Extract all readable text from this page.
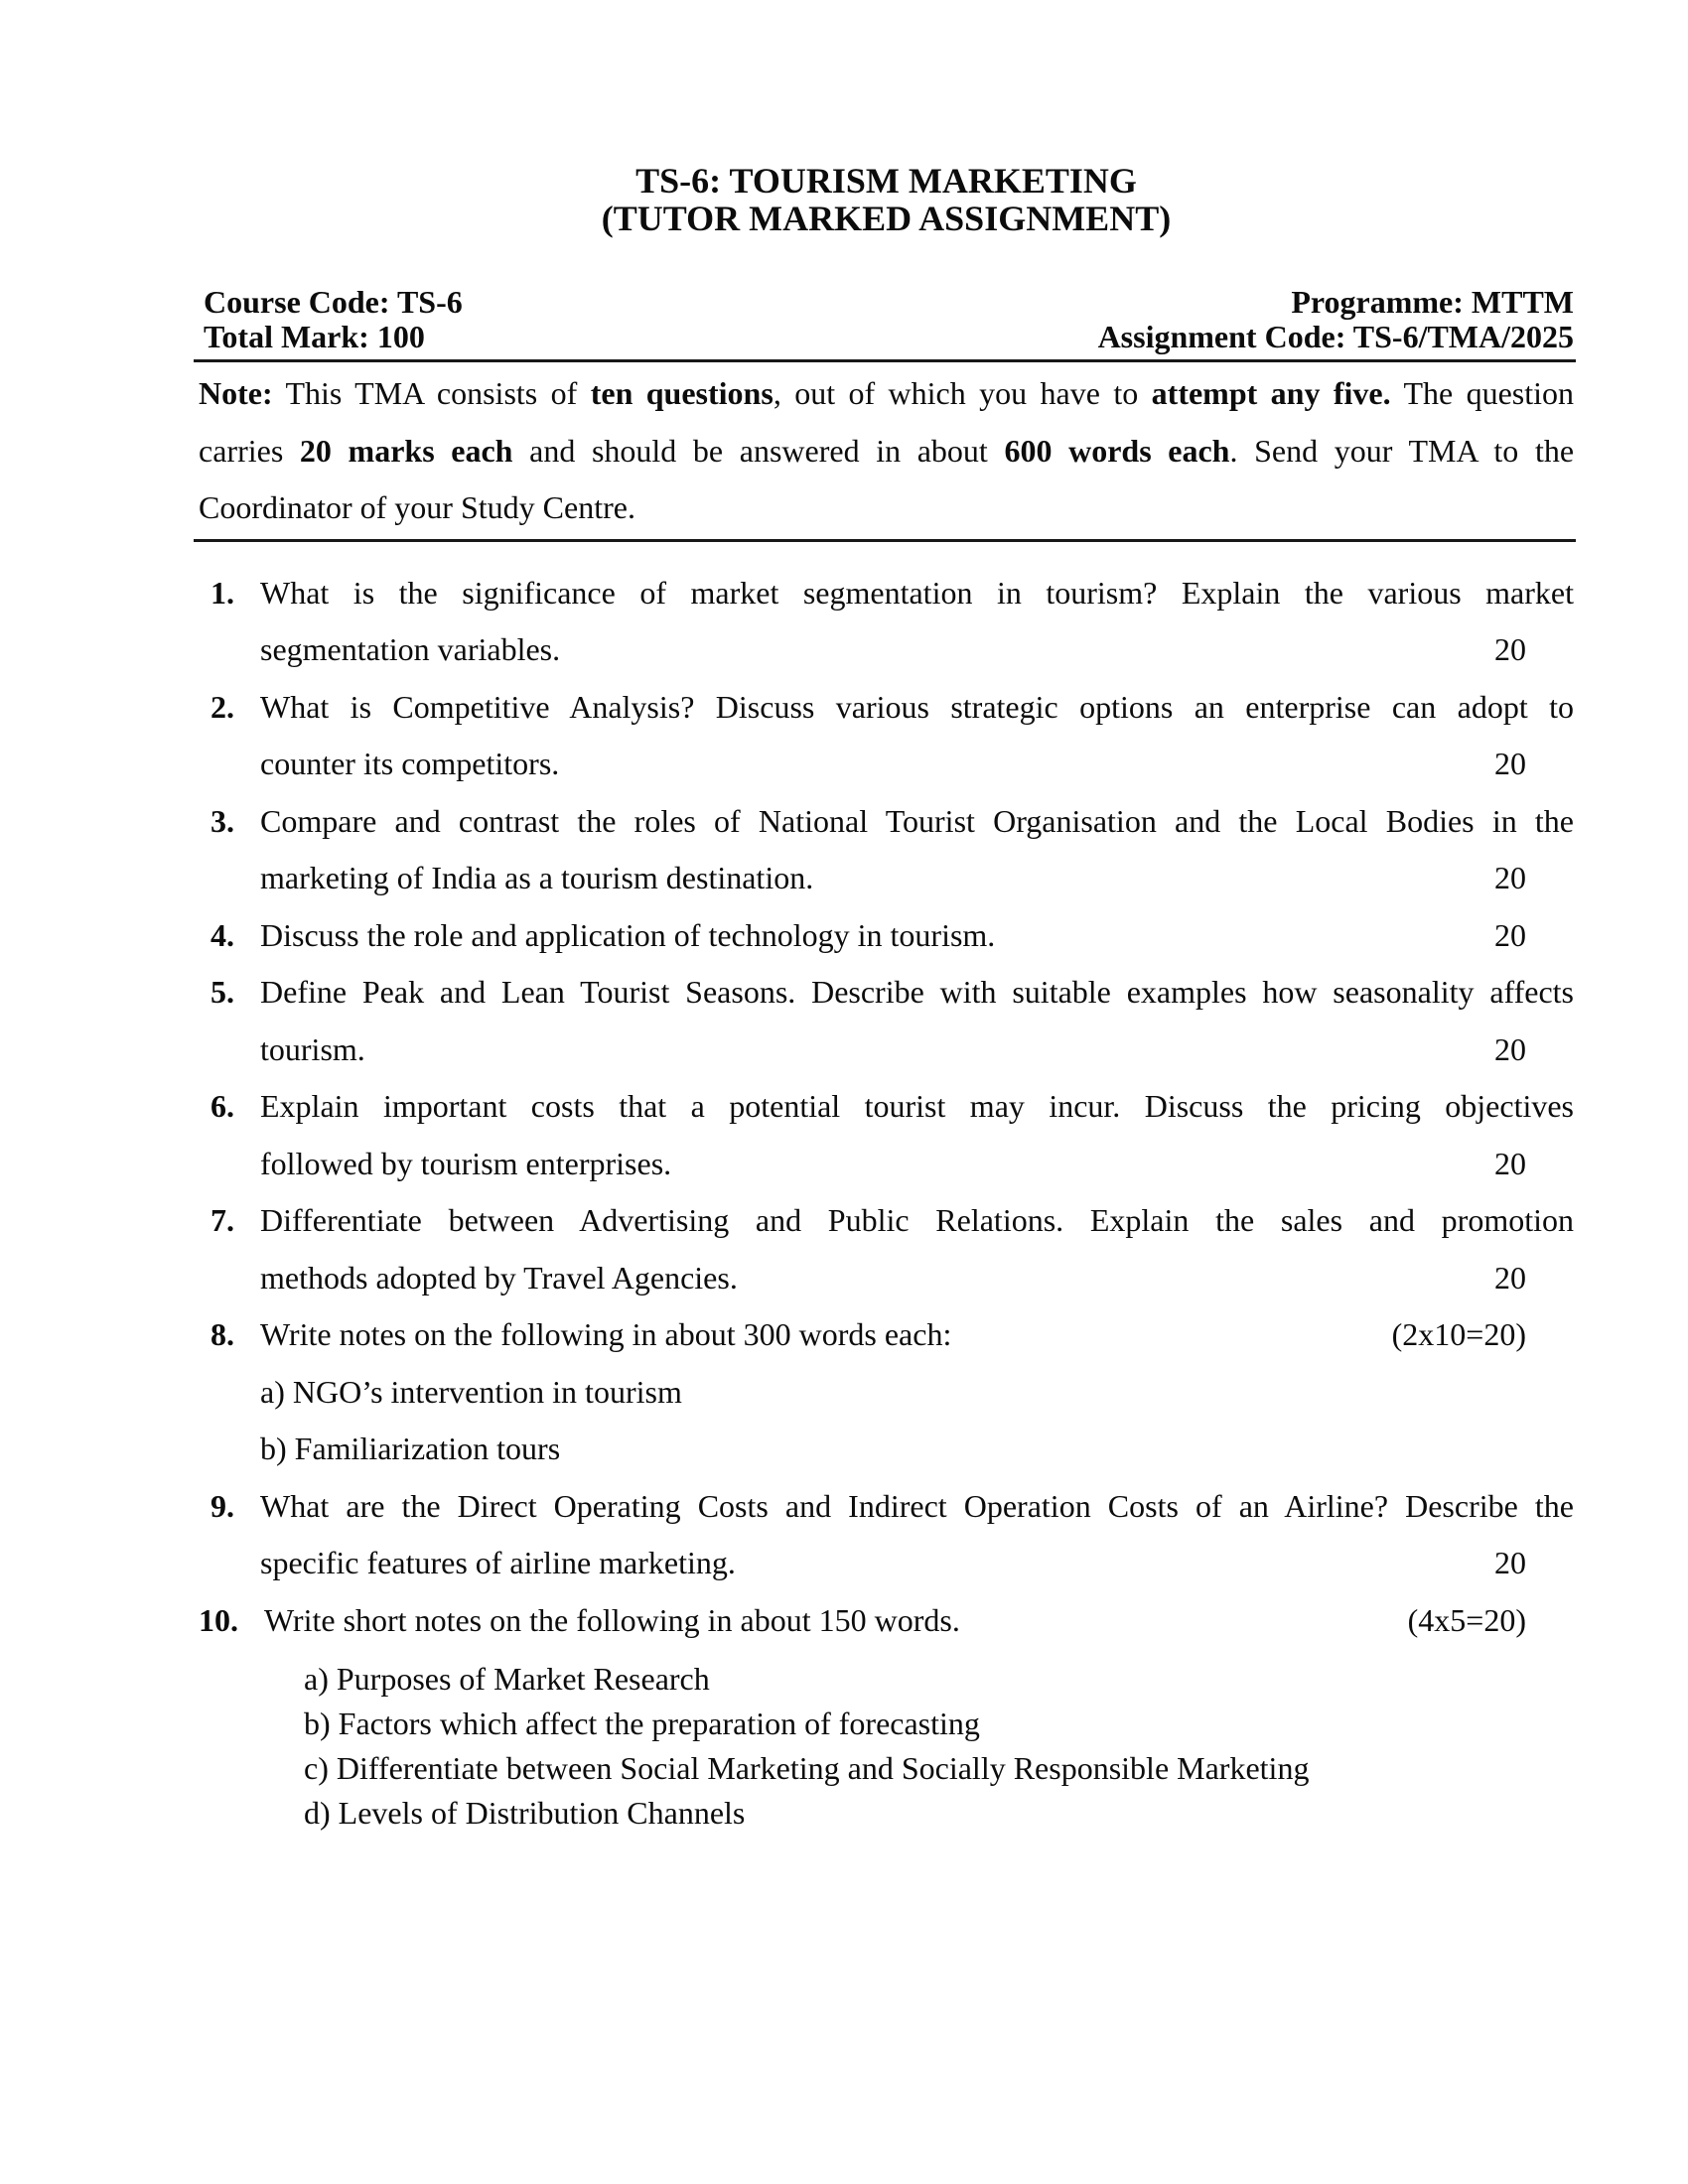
TS-6: TOURISM MARKETING
(TUTOR MARKED ASSIGNMENT)
Course Code: TS-6	Programme: MTTM
Total Mark: 100	Assignment Code: TS-6/TMA/2025
Note: This TMA consists of ten questions, out of which you have to attempt any five. The question
carries 20 marks each and should be answered in about 600 words each. Send your TMA to the
Coordinator of your Study Centre.
1. What is the significance of market segmentation in tourism? Explain the various market
segmentation variables.	20
2. What is Competitive Analysis? Discuss various strategic options an enterprise can adopt to
counter its competitors.	20
3. Compare and contrast the roles of National Tourist Organisation and the Local Bodies in the
marketing of India as a tourism destination.	20
4. Discuss the role and application of technology in tourism.	20
5. Define Peak and Lean Tourist Seasons. Describe with suitable examples how seasonality affects
tourism.	20
6. Explain important costs that a potential tourist may incur. Discuss the pricing objectives
followed by tourism enterprises.	20
7. Differentiate between Advertising and Public Relations. Explain the sales and promotion
methods adopted by Travel Agencies.	20
8. Write notes on the following in about 300 words each:	(2x10=20)
a) NGO’s intervention in tourism
b) Familiarization tours
9. What are the Direct Operating Costs and Indirect Operation Costs of an Airline? Describe the
specific features of airline marketing.	20
10. Write short notes on the following in about 150 words.	(4x5=20)
a) Purposes of Market Research
b) Factors which affect the preparation of forecasting
c) Differentiate between Social Marketing and Socially Responsible Marketing
d) Levels of Distribution Channels
